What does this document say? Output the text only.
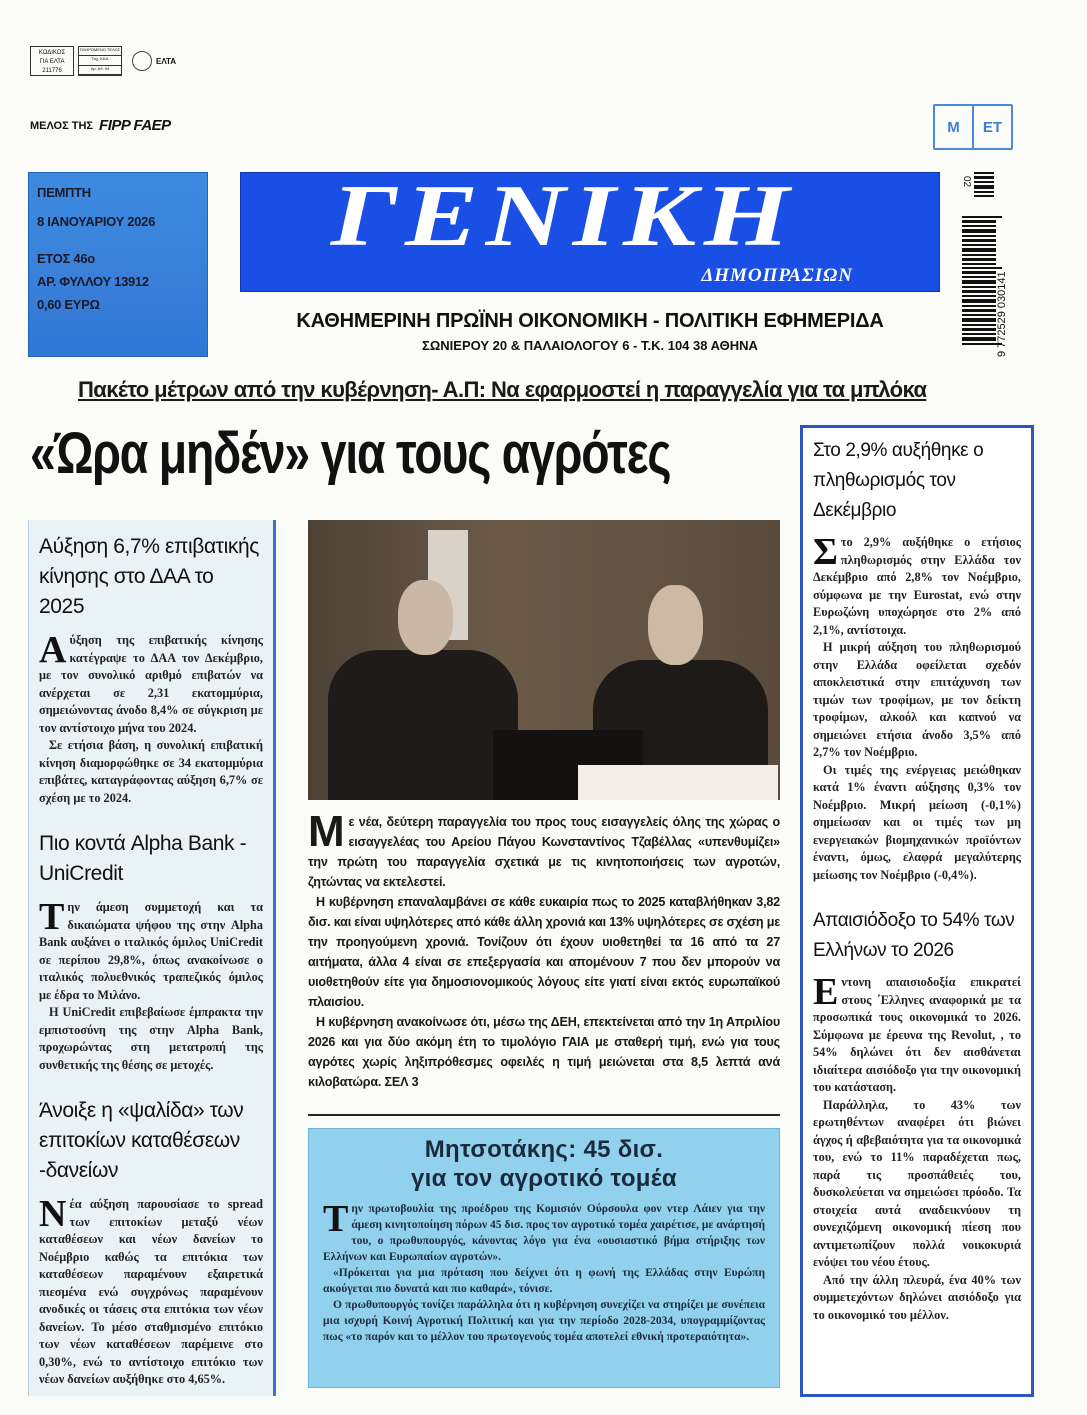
ΚΩΔΙΚΟΣ
ΓΙΑ ΕΛΤΑ
211776
ΠΛΗΡΩΜΕΝΟ ΤΕΛΟΣ
Ταχ. ΚΚΑ
Αρ. Αδ. 94
ΕΛΤΑ
ΜΕΛΟΣ ΤΗΣ FIPP FAEP
ΠΕΜΠΤΗ
8 ΙΑΝΟΥΑΡΙΟΥ 2026
ΕΤΟΣ 46ο
ΑΡ. ΦΥΛΛΟΥ 13912
0,60 ΕΥΡΩ
ΓΕΝΙΚΗ
ΔΗΜΟΠΡΑΣΙΩΝ
ΚΑΘΗΜΕΡΙΝΗ ΠΡΩΪΝΗ ΟΙΚΟΝΟΜΙΚΗ - ΠΟΛΙΤΙΚΗ ΕΦΗΜΕΡΙΔΑ
ΣΩΝΙΕΡΟΥ 20 & ΠΑΛΑΙΟΛΟΓΟΥ 6 - Τ.Κ. 104 38 ΑΘΗΝΑ
Μ	ΕΤ
02
9 772529 030141
Πακέτο μέτρων από την κυβέρνηση- Α.Π: Να εφαρμοστεί η παραγγελία για τα μπλόκα
«Ώρα μηδέν» για τους αγρότες
Αύξηση 6,7% επιβατικής κίνησης στο ΔΑΑ το 2025
Α ύξηση της επιβατικής κίνησης κατέγραψε το ΔΑΑ τον Δεκέμβριο, με τον συνολικό αριθμό επιβατών να ανέρχεται σε 2,31 εκατομμύρια, σημειώνοντας άνοδο 8,4% σε σύγκριση με τον αντίστοιχο μήνα του 2024.

Σε ετήσια βάση, η συνολική επιβατική κίνηση διαμορφώθηκε σε 34 εκατομμύρια επιβάτες, καταγράφοντας αύξηση 6,7% σε σχέση με το 2024.

Πιο κοντά Alpha Bank -UniCredit
Τ ην άμεση συμμετοχή και τα δικαιώματα ψήφου της στην Alpha Bank αυξάνει ο ιταλικός όμιλος UniCredit σε περίπου 29,8%, όπως ανακοίνωσε ο ιταλικός πολυεθνικός τραπεζικός όμιλος με έδρα το Μιλάνο.

Η UniCredit επιβεβαίωσε έμπρακτα την εμπιστοσύνη της στην Alpha Bank, προχωρώντας στη μετατροπή της συνθετικής της θέσης σε μετοχές.

Άνοιξε η «ψαλίδα» των επιτοκίων καταθέσεων -δανείων
Ν έα αύξηση παρουσίασε το spread των επιτοκίων μεταξύ νέων καταθέσεων και νέων δανείων το Νοέμβριο καθώς τα επιτόκια των καταθέσεων παραμένουν εξαιρετικά πιεσμένα ενώ συγχρόνως παραμένουν ανοδικές οι τάσεις στα επιτόκια των νέων δανείων. Το μέσο σταθμισμένο επιτόκιο των νέων καταθέσεων παρέμεινε στο 0,30%, ενώ το αντίστοιχο επιτόκιο των νέων δανείων αυξήθηκε στο 4,65%.

Μ ε νέα, δεύτερη παραγγελία του προς τους εισαγγελείς όλης της χώρας ο εισαγγελέας του Αρείου Πάγου Κωνσταντίνος Τζαβέλλας «υπενθυμίζει» την πρώτη του παραγγελία σχετικά με τις κινητοποιήσεις των αγροτών, ζητώντας να εκτελεστεί.

Η κυβέρνηση επαναλαμβάνει σε κάθε ευκαιρία πως το 2025 καταβλήθηκαν 3,82 δισ. και είναι υψηλότερες από κάθε άλλη χρονιά και 13% υψηλότερες σε σχέση με την προηγούμενη χρονιά. Τονίζουν ότι έχουν υιοθετηθεί τα 16 από τα 27 αιτήματα, άλλα 4 είναι σε επεξεργασία και απομένουν 7 που δεν μπορούν να υιοθετηθούν είτε για δημοσιονομικούς λόγους είτε γιατί είναι εκτός ευρωπαϊκού πλαισίου.

Η κυβέρνηση ανακοίνωσε ότι, μέσω της ΔΕΗ, επεκτείνεται από την 1η Απριλίου 2026 και για δύο ακόμη έτη το τιμολόγιο ΓΑΙΑ με σταθερή τιμή, ενώ για τους αγρότες χωρίς ληξιπρόθεσμες οφειλές η τιμή μειώνεται στα 8,5 λεπτά ανά κιλοβατώρα. ΣΕΛ 3

Μητσοτάκης: 45 δισ.
για τον αγροτικό τομέα
Τ ην πρωτοβουλία της προέδρου της Κομισιόν Ούρσουλα φον ντερ Λάιεν για την άμεση κινητοποίηση πόρων 45 δισ. προς τον αγροτικό τομέα χαιρέτισε, με ανάρτησή του, ο πρωθυπουργός, κάνοντας λόγο για ένα «ουσιαστικό βήμα στήριξης των Ελλήνων και Ευρωπαίων αγροτών».

«Πρόκειται για μια πρόταση που δείχνει ότι η φωνή της Ελλάδας στην Ευρώπη ακούγεται πιο δυνατά και πιο καθαρά», τόνισε.

Ο πρωθυπουργός τονίζει παράλληλα ότι η κυβέρνηση συνεχίζει να στηρίζει με συνέπεια μια ισχυρή Κοινή Αγροτική Πολιτική και για την περίοδο 2028-2034, υπογραμμίζοντας πως «το παρόν και το μέλλον του πρωτογενούς τομέα αποτελεί εθνική προτεραιότητα».

Στο 2,9% αυξήθηκε ο πληθωρισμός τον Δεκέμβριο
Σ το 2,9% αυξήθηκε ο ετήσιος πληθωρισμός στην Ελλάδα τον Δεκέμβριο από 2,8% τον Νοέμβριο, σύμφωνα με την Eurostat, ενώ στην Ευρωζώνη υποχώρησε στο 2% από 2,1%, αντίστοιχα.

Η μικρή αύξηση του πληθωρισμού στην Ελλάδα οφείλεται σχεδόν αποκλειστικά στην επιτάχυνση των τιμών των τροφίμων, με τον δείκτη τροφίμων, αλκοόλ και καπνού να σημειώνει ετήσια άνοδο 3,5% από 2,7% τον Νοέμβριο.

Οι τιμές της ενέργειας μειώθηκαν κατά 1% έναντι αύξησης 0,3% τον Νοέμβριο. Μικρή μείωση (-0,1%) σημείωσαν και οι τιμές των μη ενεργειακών βιομηχανικών προϊόντων έναντι, όμως, ελαφρά μεγαλύτερης μείωσης τον Νοέμβριο (-0,4%).

Απαισιόδοξο το 54% των Ελλήνων το 2026
Ε ντονη απαισιοδοξία επικρατεί στους ΄Ελληνες αναφορικά με τα προσωπικά τους οικονομικά το 2026. Σύμφωνα με έρευνα της Revolut, , το 54% δηλώνει ότι δεν αισθάνεται ιδιαίτερα αισιόδοξο για την οικονομική του κατάσταση.

Παράλληλα, το 43% των ερωτηθέντων αναφέρει ότι βιώνει άγχος ή αβεβαιότητα για τα οικονομικά του, ενώ το 11% παραδέχεται πως, παρά τις προσπάθειές του, δυσκολεύεται να σημειώσει πρόοδο. Τα στοιχεία αυτά αναδεικνύουν τη συνεχιζόμενη οικονομική πίεση που αντιμετωπίζουν πολλά νοικοκυριά ενόψει του νέου έτους.

Από την άλλη πλευρά, ένα 40% των συμμετεχόντων δηλώνει αισιόδοξο για το οικονομικό του μέλλον.
